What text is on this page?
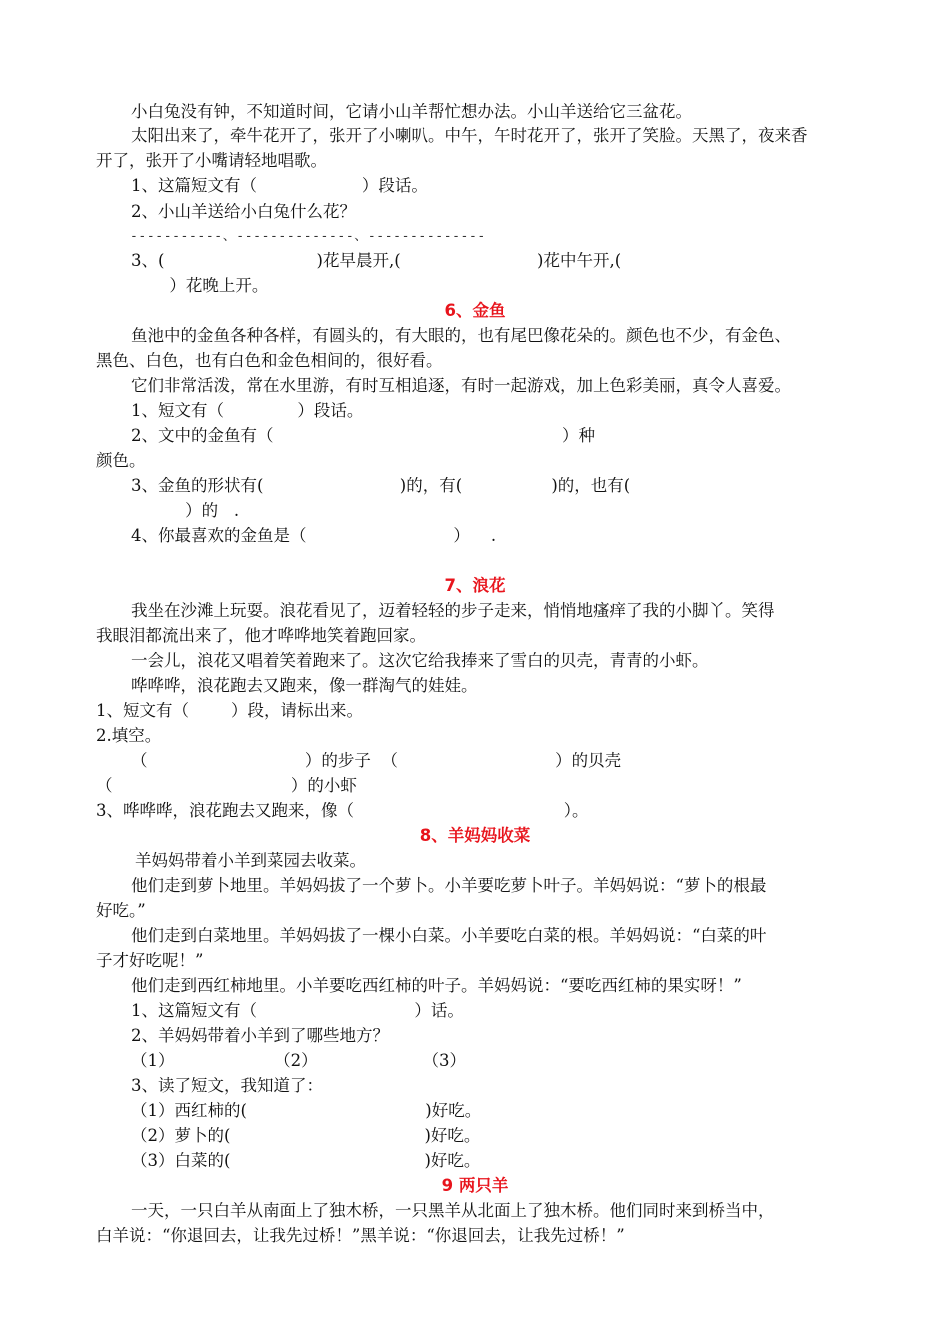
小白兔没有钟，不知道时间，它请小山羊帮忙想办法。小山羊送给它三盆花。
太阳出来了，牵牛花开了，张开了小喇叭。中午，午时花开了，张开了笑脸。天黑了，夜来香
开了，张开了小嘴请轻地唱歌。
1、这篇短文有（                    ）段话。
2、小山羊送给小白兔什么花？
-----------、--------------、--------------
3、(                             )花早晨开,(                          )花中午开,(
）花晚上开。
6、金鱼
鱼池中的金鱼各种各样，有圆头的，有大眼的，也有尾巴像花朵的。颜色也不少，有金色、
黑色、白色，也有白色和金色相间的，很好看。
它们非常活泼，常在水里游，有时互相追逐，有时一起游戏，加上色彩美丽，真令人喜爱。
1、短文有（              ）段话。
2、文中的金鱼有（                                                       ）种
颜色。
3、金鱼的形状有(                          )的，有(                 )的，也有(
）的   .
4、你最喜欢的金鱼是（                            ）    .
7、浪花
我坐在沙滩上玩耍。浪花看见了，迈着轻轻的步子走来，悄悄地瘙痒了我的小脚丫。笑得
我眼泪都流出来了，他才哗哗地笑着跑回家。
一会儿，浪花又唱着笑着跑来了。这次它给我捧来了雪白的贝壳，青青的小虾。
哗哗哗，浪花跑去又跑来，像一群淘气的娃娃。
1、短文有（        ）段，请标出来。
2.填空。
（                              ）的步子  （                              ）的贝壳
（                                  ）的小虾
3、哗哗哗，浪花跑去又跑来，像（                                        ）。
8、羊妈妈收菜
羊妈妈带着小羊到菜园去收菜。
他们走到萝卜地里。羊妈妈拔了一个萝卜。小羊要吃萝卜叶子。羊妈妈说：“萝卜的根最
好吃。”
他们走到白菜地里。羊妈妈拔了一棵小白菜。小羊要吃白菜的根。羊妈妈说：“白菜的叶
子才好吃呢！”
他们走到西红柿地里。小羊要吃西红柿的叶子。羊妈妈说：“要吃西红柿的果实呀！”
1、这篇短文有（                              ）话。
2、羊妈妈带着小羊到了哪些地方？
（1）                   （2）                    （3）
3、读了短文，我知道了：
（1）西红柿的(                                  )好吃。
（2）萝卜的(                                     )好吃。
（3）白菜的(                                     )好吃。
9 两只羊
一天，一只白羊从南面上了独木桥，一只黑羊从北面上了独木桥。他们同时来到桥当中，
白羊说：“你退回去，让我先过桥！”黑羊说：“你退回去，让我先过桥！”
